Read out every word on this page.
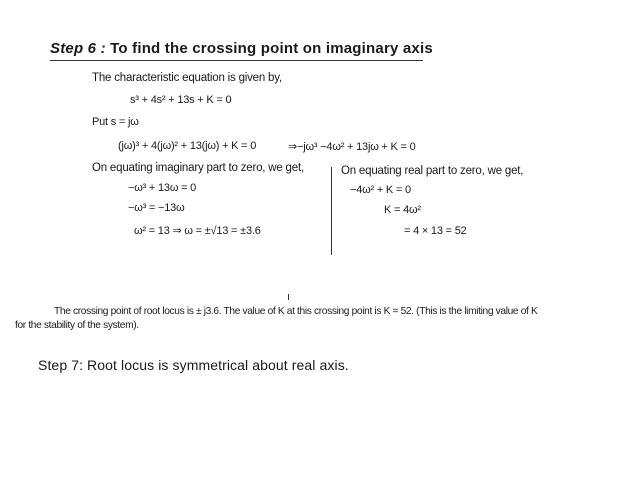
Step 6 : To find the crossing point on imaginary axis
The characteristic equation is given by,
s³ + 4s² + 13s + K = 0
Put s = jω
(jω)³ + 4(jω)² + 13(jω) + K = 0	⇒−jω³ −4ω² + 13jω + K = 0
On equating imaginary part to zero, we get,	On equating real part to zero, we get,
−ω³ + 13ω = 0	−4ω² + K = 0
−ω³ = −13ω	K = 4ω²
ω² = 13 ⇒ ω = ±√13 = ±3.6	= 4 × 13 = 52
The crossing point of root locus is ± j3.6. The value of K at this crossing point is K = 52. (This is the limiting value of K
for the stability of the system).
Step 7: Root locus is symmetrical about real axis.
